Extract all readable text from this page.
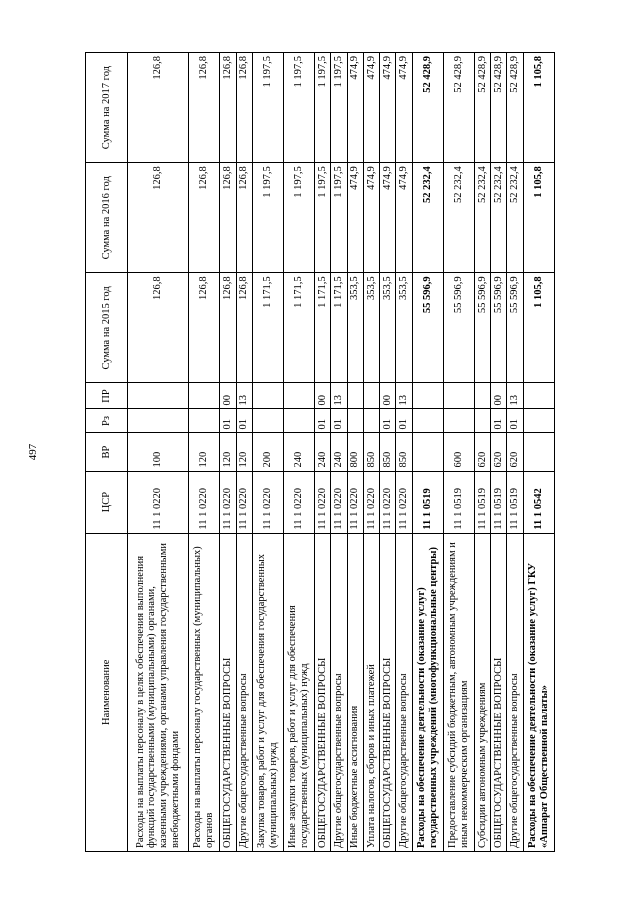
497
Наименование	ЦСР	ВР	Рз	ПР	Сумма на 2015 год	Сумма на 2016 год	Сумма на 2017 год
Расходы на выплаты персоналу в целях обеспечения выполнения функций государственными (муниципальными) органами, казенными учреждениями, органами управления государственными внебюджетными фондами	11 1 0220	100			126,8	126,8	126,8
Расходы на выплаты персоналу государственных (муниципальных) органов	11 1 0220	120			126,8	126,8	126,8
ОБЩЕГОСУДАРСТВЕННЫЕ ВОПРОСЫ	11 1 0220	120	01	00	126,8	126,8	126,8
Другие общегосударственные вопросы	11 1 0220	120	01	13	126,8	126,8	126,8
Закупка товаров, работ и услуг для обеспечения государственных (муниципальных) нужд	11 1 0220	200			1 171,5	1 197,5	1 197,5
Иные закупки товаров, работ и услуг для обеспечения государственных (муниципальных) нужд	11 1 0220	240			1 171,5	1 197,5	1 197,5
ОБЩЕГОСУДАРСТВЕННЫЕ ВОПРОСЫ	11 1 0220	240	01	00	1 171,5	1 197,5	1 197,5
Другие общегосударственные вопросы	11 1 0220	240	01	13	1 171,5	1 197,5	1 197,5
Иные бюджетные ассигнования	11 1 0220	800			353,5	474,9	474,9
Уплата налогов, сборов и иных платежей	11 1 0220	850			353,5	474,9	474,9
ОБЩЕГОСУДАРСТВЕННЫЕ ВОПРОСЫ	11 1 0220	850	01	00	353,5	474,9	474,9
Другие общегосударственные вопросы	11 1 0220	850	01	13	353,5	474,9	474,9
Расходы на обеспечение деятельности (оказание услуг) государственных учреждений (многофункциональные центры)	11 1 0519				55 596,9	52 232,4	52 428,9
Предоставление субсидий бюджетным, автономным учреждениям и иным некоммерческим организациям	11 1 0519	600			55 596,9	52 232,4	52 428,9
Субсидии автономным учреждениям	11 1 0519	620			55 596,9	52 232,4	52 428,9
ОБЩЕГОСУДАРСТВЕННЫЕ ВОПРОСЫ	11 1 0519	620	01	00	55 596,9	52 232,4	52 428,9
Другие общегосударственные вопросы	11 1 0519	620	01	13	55 596,9	52 232,4	52 428,9
Расходы на обеспечение деятельности (оказание услуг) ГКУ «Аппарат Общественной палаты»	11 1 0542				1 105,8	1 105,8	1 105,8
